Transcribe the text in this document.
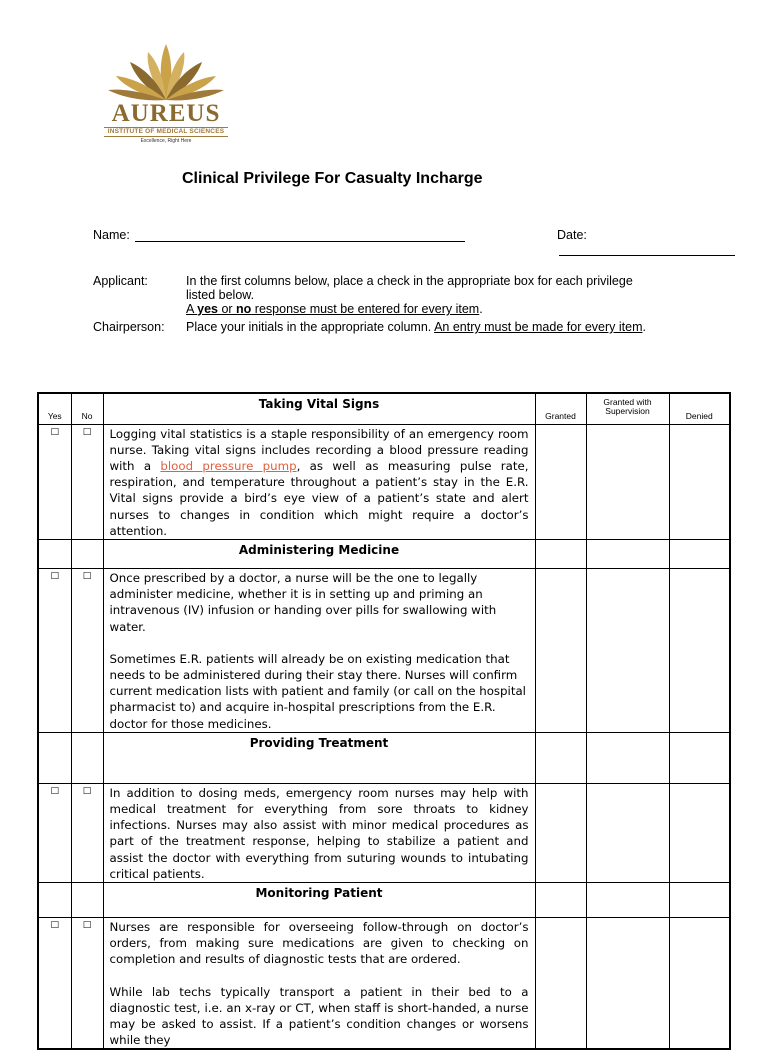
AUREUS
INSTITUTE OF MEDICAL SCIENCES
Excellence, Right Here
Clinical Privilege For Casualty Incharge
Name:	Date:
Applicant:	In the first columns below, place a check in the appropriate box for each privilege
listed below.
A yes or no response must be entered for every item.
Chairperson: Place your initials in the appropriate column. An entry must be made for every item.
Yes	No	Taking Vital Signs	Granted	Granted with Supervision	Denied
□	□	Logging vital statistics is a staple responsibility of an emergency room nurse. Taking vital signs includes recording a blood pressure reading with a blood pressure pump, as well as measuring pulse rate, respiration, and temperature throughout a patient’s stay in the E.R. Vital signs provide a bird’s eye view of a patient’s state and alert nurses to changes in condition which might require a doctor’s attention.			
		Administering Medicine			
□	□	Once prescribed by a doctor, a nurse will be the one to legally administer medicine, whether it is in setting up and priming an intravenous (IV) infusion or handing over pills for swallowing with water.

Sometimes E.R. patients will already be on existing medication that needs to be administered during their stay there. Nurses will confirm current medication lists with patient and family (or call on the hospital pharmacist to) and acquire in-hospital prescriptions from the E.R. doctor for those medicines.			

		Providing Treatment			
□	□	In addition to dosing meds, emergency room nurses may help with medical treatment for everything from sore throats to kidney infections. Nurses may also assist with minor medical procedures as part of the treatment response, helping to stabilize a patient and assist the doctor with everything from suturing wounds to intubating critical patients.			
		Monitoring Patient			
□	□	Nurses are responsible for overseeing follow-through on doctor’s orders, from making sure medications are given to checking on completion and results of diagnostic tests that are ordered.

While lab techs typically transport a patient in their bed to a diagnostic test, i.e. an x-ray or CT, when staff is short-handed, a nurse may be asked to assist. If a patient’s condition changes or worsens while they			
